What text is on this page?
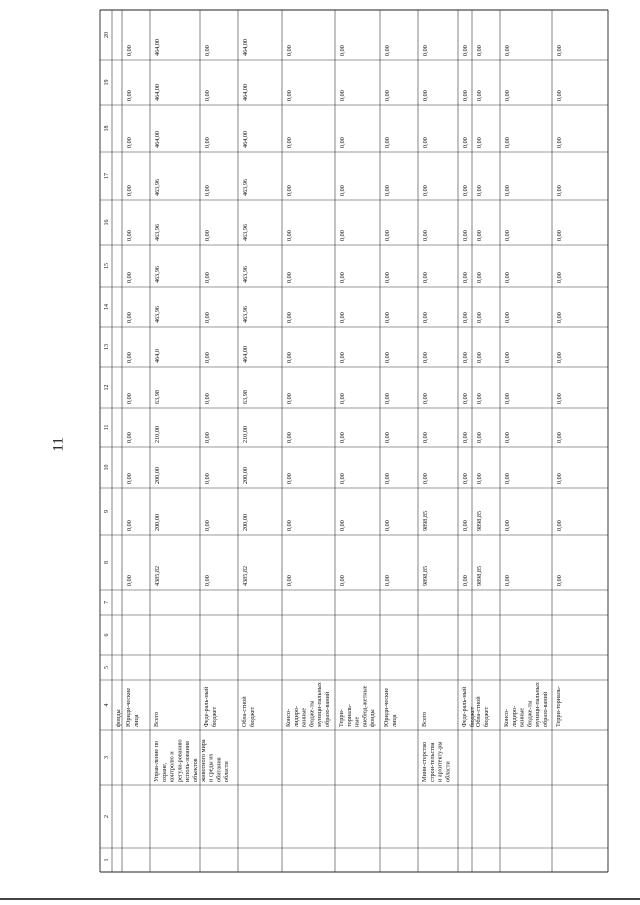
11
1
2
3
4
5
6
7
8
9
10
11
12
13
14
15
16
17
18
19
20
фонды Юриди-ческие лица
0,00
0,00
0,00
0,00
0,00
0,00
0,00
0,00
0,00
0,00
0,00
0,00
0,00
Управ-ление по охране, контролю и регули-рованию исполь-зования объектов животного мира и среды их обитания области
Всего
4385,82
200,00
200,00
210,00
63,98
464,0
463,96
463,96
463,96
463,96
464,00
464,00
464,00
Феде-раль-ный бюджет
0,00
0,00
0,00
0,00
0,00
0,00
0,00
0,00
0,00
0,00
0,00
0,00
0,00
Обла-стной бюджет
4385,82
200,00
200,00
210,00
63,98
464,00
463,96
463,96
463,96
463,96
464,00
464,00
464,00
Консо- лидиро- ванные бюдже-ты муници-пальных образо-ваний
0,00
0,00
0,00
0,00
0,00
0,00
0,00
0,00
0,00
0,00
0,00
0,00
0,00
Терри- ториаль- ные внебюд-жетные фонды
0,00
0,00
0,00
0,00
0,00
0,00
0,00
0,00
0,00
0,00
0,00
0,00
0,00
Юриди-ческие лица
0,00
0,00
0,00
0,00
0,00
0,00
0,00
0,00
0,00
0,00
0,00
0,00
0,00
Мини-стерство строи-тельства и архитекту-ры области
Всего
9898,85
9898,85
0,00
0,00
0,00
0,00
0,00
0,00
0,00
0,00
0,00
0,00
0,00
Феде-раль-ный бюджет
0,00
0,00
0,00
0,00
0,00
0,00
0,00
0,00
0,00
0,00
0,00
0,00
0,00
Обла-стной бюджет
9898,85
9898,85
0,00
0,00
0,00
0,00
0,00
0,00
0,00
0,00
0,00
0,00
0,00
Консо- лидиро- ванные бюдже-ты муници-пальных образо-ваний
0,00
0,00
0,00
0,00
0,00
0,00
0,00
0,00
0,00
0,00
0,00
0,00
0,00
Терри-ториаль-
0,00
0,00
0,00
0,00
0,00
0,00
0,00
0,00
0,00
0,00
0,00
0,00
0,00
